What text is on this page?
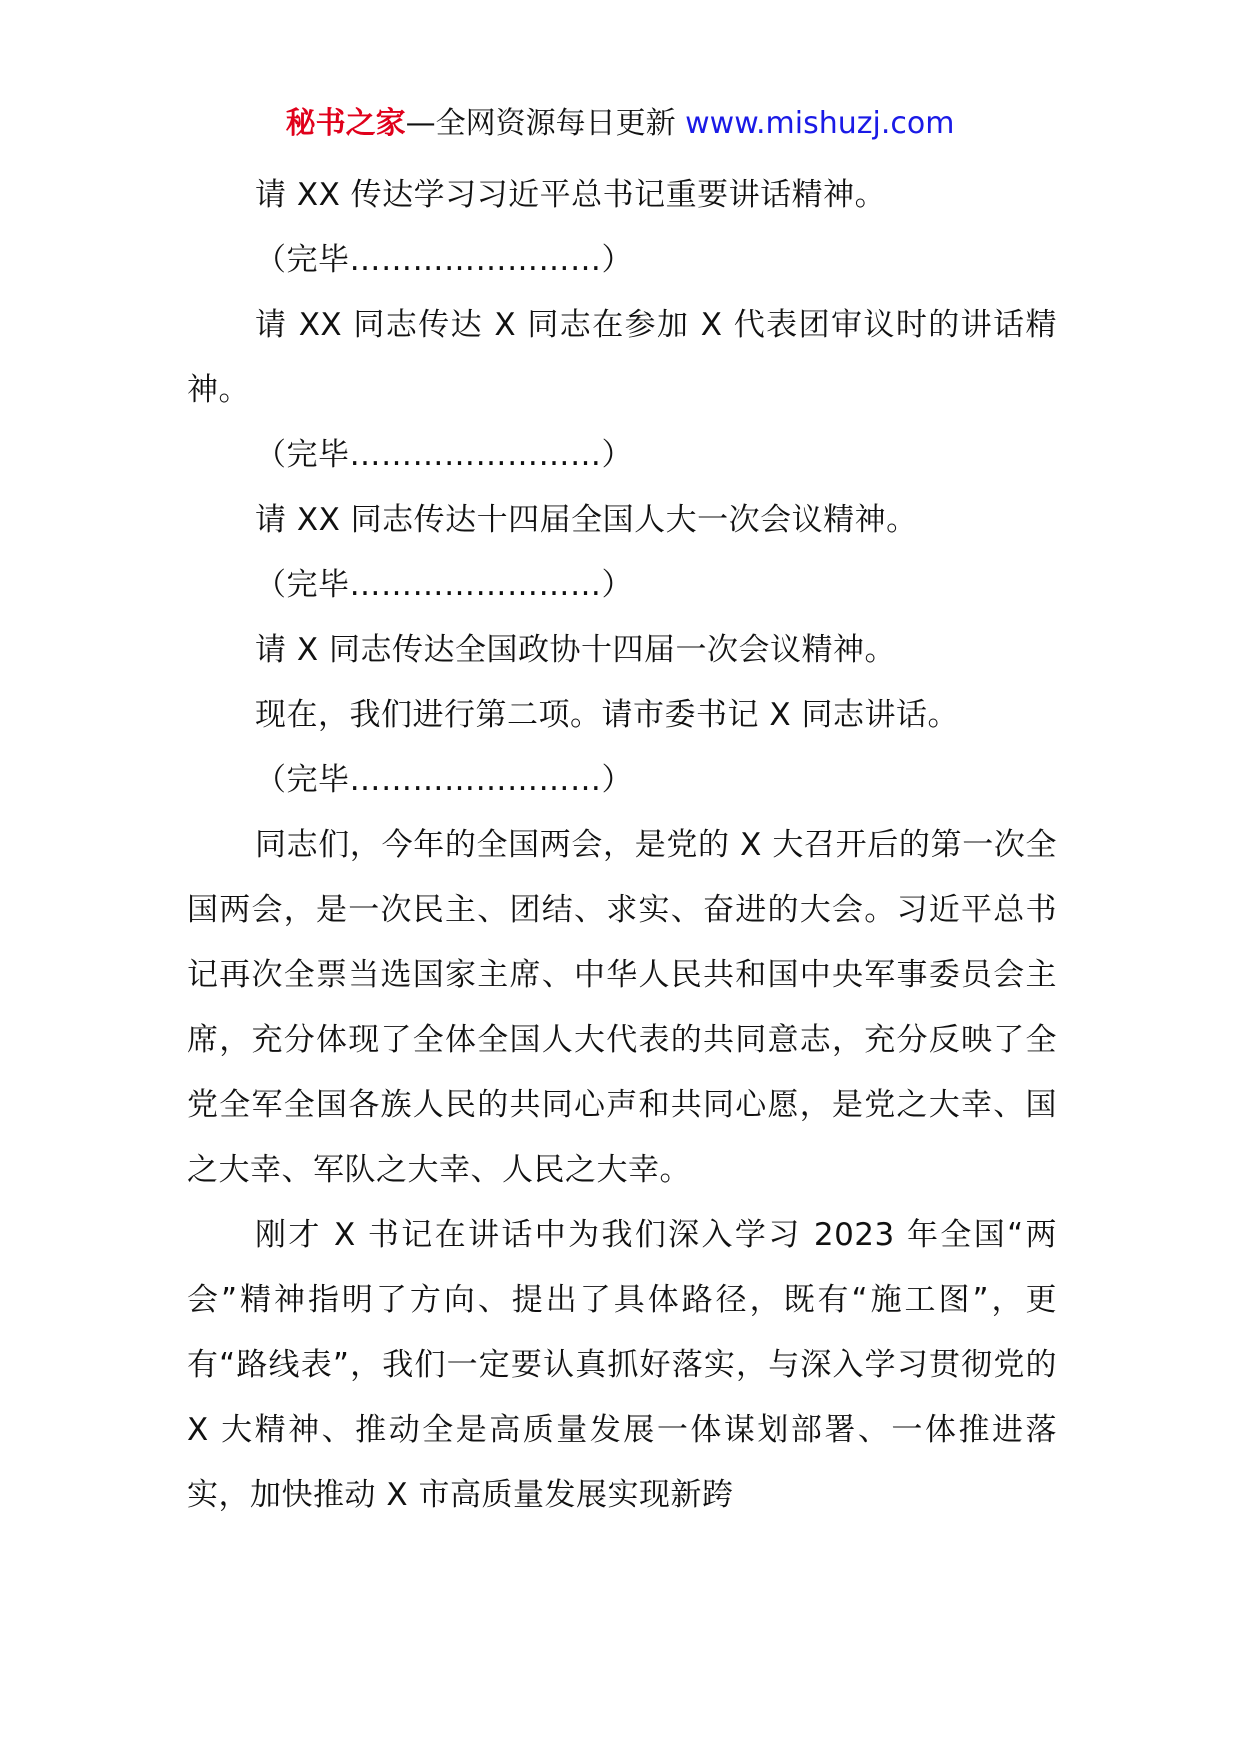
秘书之家—全网资源每日更新 www.mishuzj.com

请 XX 传达学习习近平总书记重要讲话精神。

（完毕……………………）

请 XX 同志传达 X 同志在参加 X 代表团审议时的讲话精神。

（完毕……………………）

请 XX 同志传达十四届全国人大一次会议精神。

（完毕……………………）

请 X 同志传达全国政协十四届一次会议精神。

现在，我们进行第二项。请市委书记 X 同志讲话。

（完毕……………………）

同志们，今年的全国两会，是党的 X 大召开后的第一次全国两会，是一次民主、团结、求实、奋进的大会。习近平总书记再次全票当选国家主席、中华人民共和国中央军事委员会主席，充分体现了全体全国人大代表的共同意志，充分反映了全党全军全国各族人民的共同心声和共同心愿，是党之大幸、国之大幸、军队之大幸、人民之大幸。

刚才 X 书记在讲话中为我们深入学习 2023 年全国“两会”精神指明了方向、提出了具体路径，既有“施工图”，更有“路线表”，我们一定要认真抓好落实，与深入学习贯彻党的 X 大精神、推动全是高质量发展一体谋划部署、一体推进落实，加快推动 X 市高质量发展实现新跨
